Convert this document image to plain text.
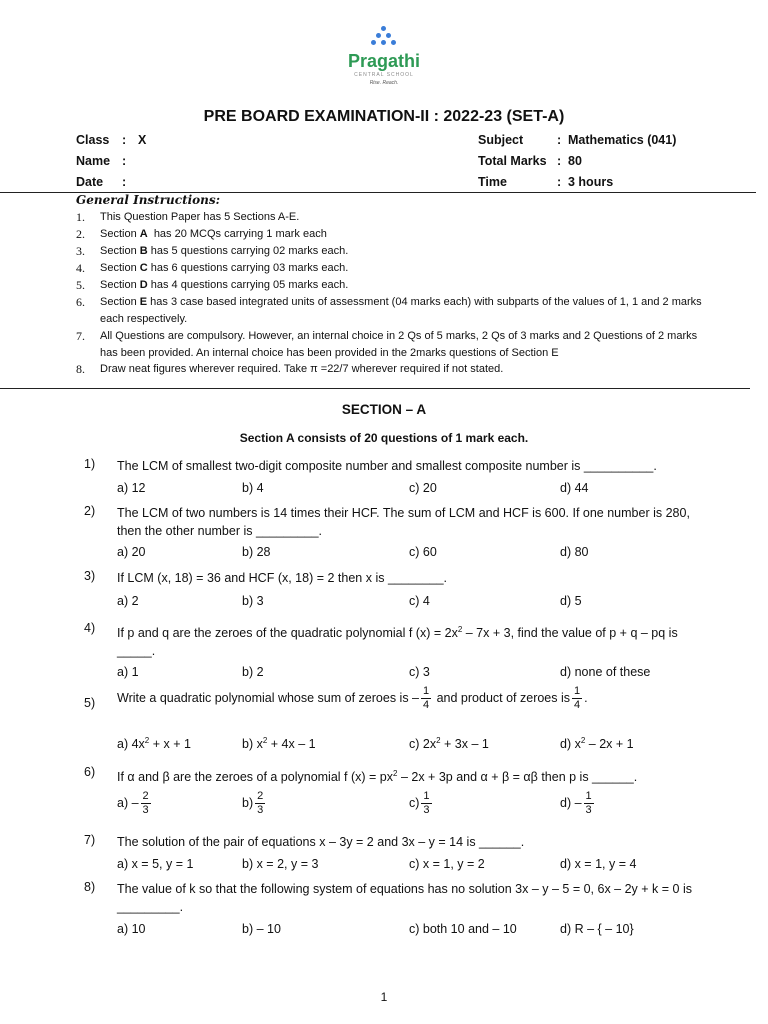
Pragathi
CENTRAL SCHOOL
Rise. Reach.
PRE BOARD EXAMINATION-II : 2022-23 (SET-A)
Class : X
Name :
Date :
Subject	: Mathematics (041)
Total Marks : 80
Time	: 3 hours
General Instructions:
1.	This Question Paper has 5 Sections A-E.
2.	Section A  has 20 MCQs carrying 1 mark each
3.	Section B has 5 questions carrying 02 marks each.
4.	Section C has 6 questions carrying 03 marks each.
5.	Section D has 4 questions carrying 05 marks each.
6.	Section E has 3 case based integrated units of assessment (04 marks each) with subparts of the values of 1, 1 and 2 marks each respectively.
7.	All Questions are compulsory. However, an internal choice in 2 Qs of 5 marks, 2 Qs of 3 marks and 2 Questions of 2 marks has been provided. An internal choice has been provided in the 2marks questions of Section E
8.	Draw neat figures wherever required. Take π =22/7 wherever required if not stated.
SECTION – A
Section A consists of 20 questions of 1 mark each.
1) The LCM of smallest two-digit composite number and smallest composite number is __________.
a) 12	b) 4	c) 20	d) 44
2) The LCM of two numbers is 14 times their HCF. The sum of LCM and HCF is 600. If one number is 280, then the other number is _________.
a) 20	b) 28	c) 60	d) 80
3) If LCM (x, 18) = 36 and HCF (x, 18) = 2 then x is ________.
a) 2	b) 3	c) 4	d) 5
4) If p and q are the zeroes of the quadratic polynomial f $(x) = 2x^2 - 7x + 3$, find the value of p + q – pq is _____.
a) 1	b) 2	c) 3	d) none of these
5) Write a quadratic polynomial whose sum of zeroes is – $\frac{1}{4}$ and product of zeroes is $\frac{1}{4}$ .
a) $4x^2 + x + 1$	b) $x^2 + 4x - 1$	c) $2x^2 + 3x - 1$	d) $x^2 - 2x + 1$
6) If α and β are the zeroes of a polynomial f $(x) = px^2 - 2x + 3p$ and α + β = αβ then p is ______.
$a) - \frac{2}{3}$	$b) \frac{2}{3}$	$c) \frac{1}{3}$	$d) - \frac{1}{3}$
7) The solution of the pair of equations x – 3y = 2 and 3x – y = 14 is ______.
a) x = 5, y = 1	b) x = 2, y = 3	c) x = 1, y = 2	d) x = 1, y = 4
8) The value of k so that the following system of equations has no solution 3x – y – 5 = 0, 6x – 2y + k = 0 is _________.
a) 10	b) – 10	c) both 10 and – 10	d) R – { – 10}
1
